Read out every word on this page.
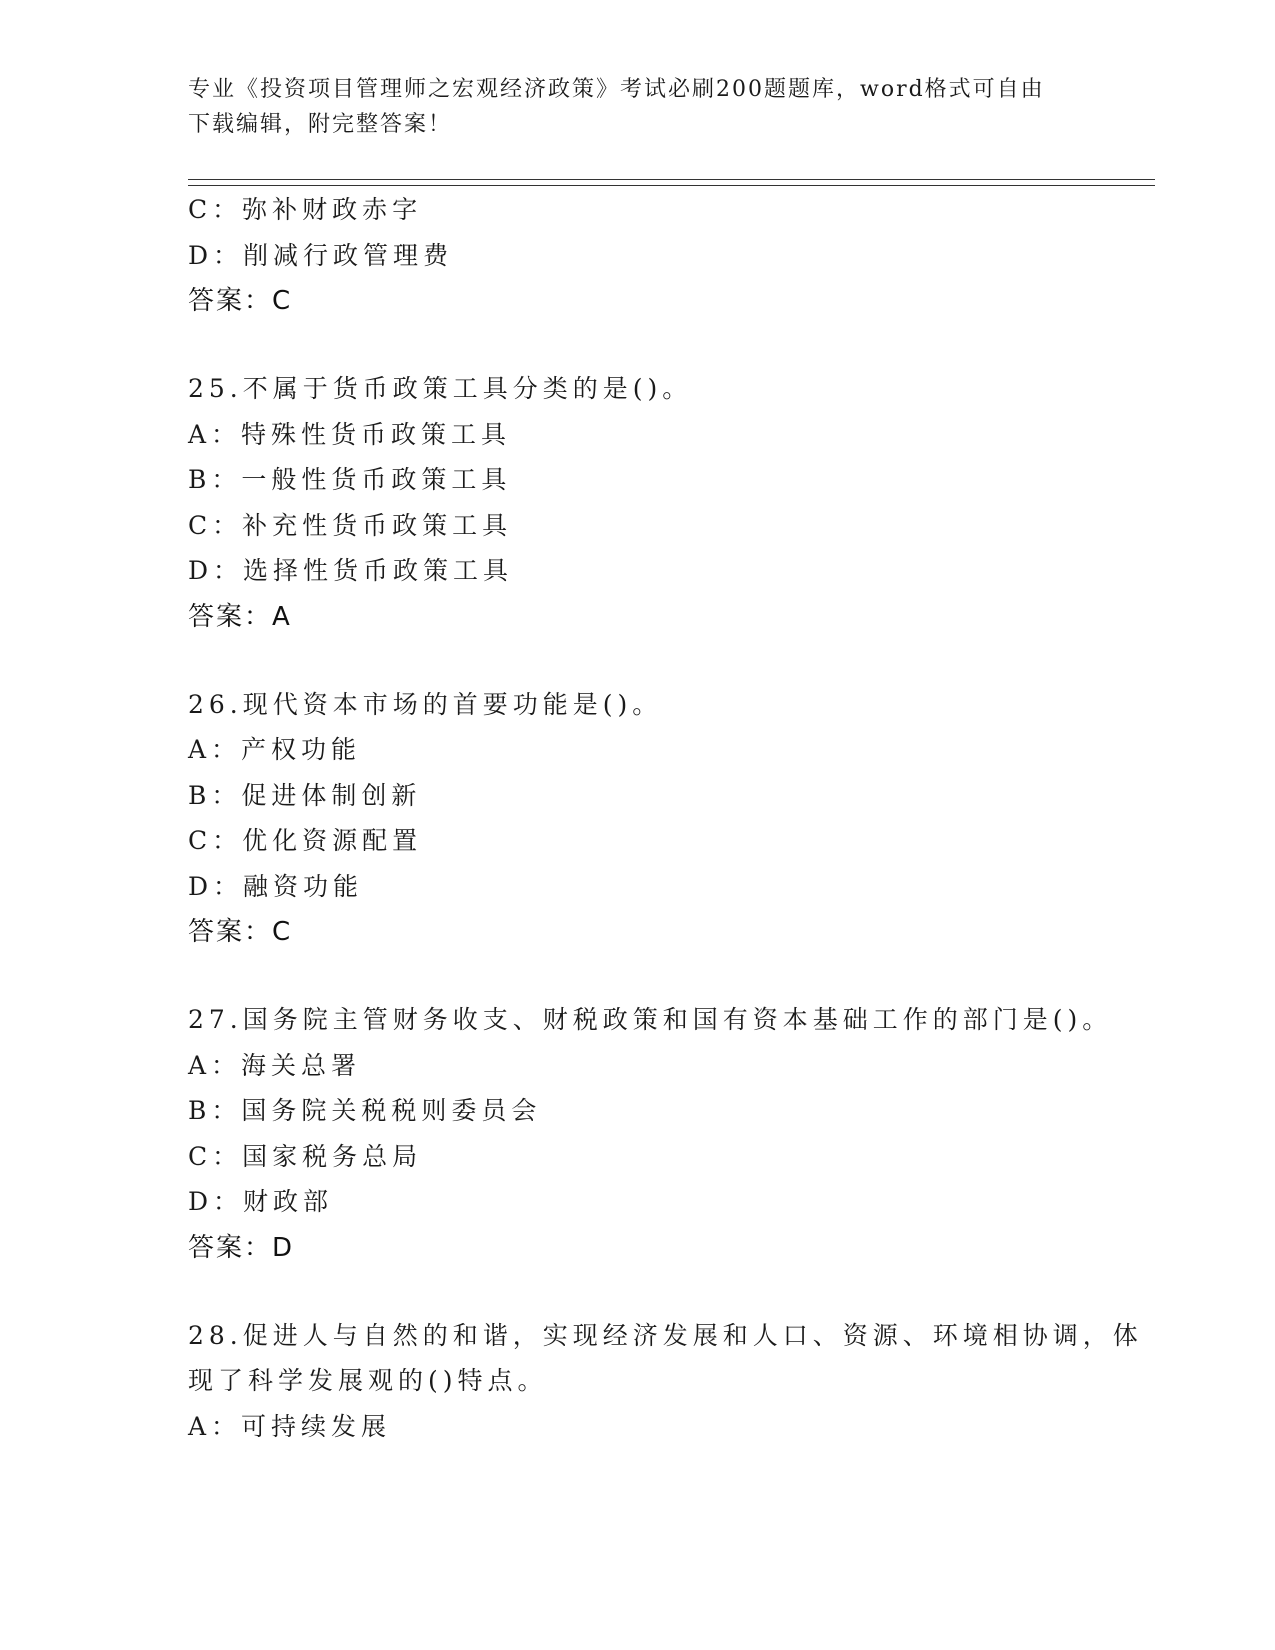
专业《投资项目管理师之宏观经济政策》考试必刷200题题库，word格式可自由下载编辑，附完整答案！
C：弥补财政赤字
D：削减行政管理费
答案：C
25.不属于货币政策工具分类的是()。
A：特殊性货币政策工具
B：一般性货币政策工具
C：补充性货币政策工具
D：选择性货币政策工具
答案：A
26.现代资本市场的首要功能是()。
A：产权功能
B：促进体制创新
C：优化资源配置
D：融资功能
答案：C
27.国务院主管财务收支、财税政策和国有资本基础工作的部门是()。
A：海关总署
B：国务院关税税则委员会
C：国家税务总局
D：财政部
答案：D
28.促进人与自然的和谐，实现经济发展和人口、资源、环境相协调，体现了科学发展观的()特点。
A：可持续发展
